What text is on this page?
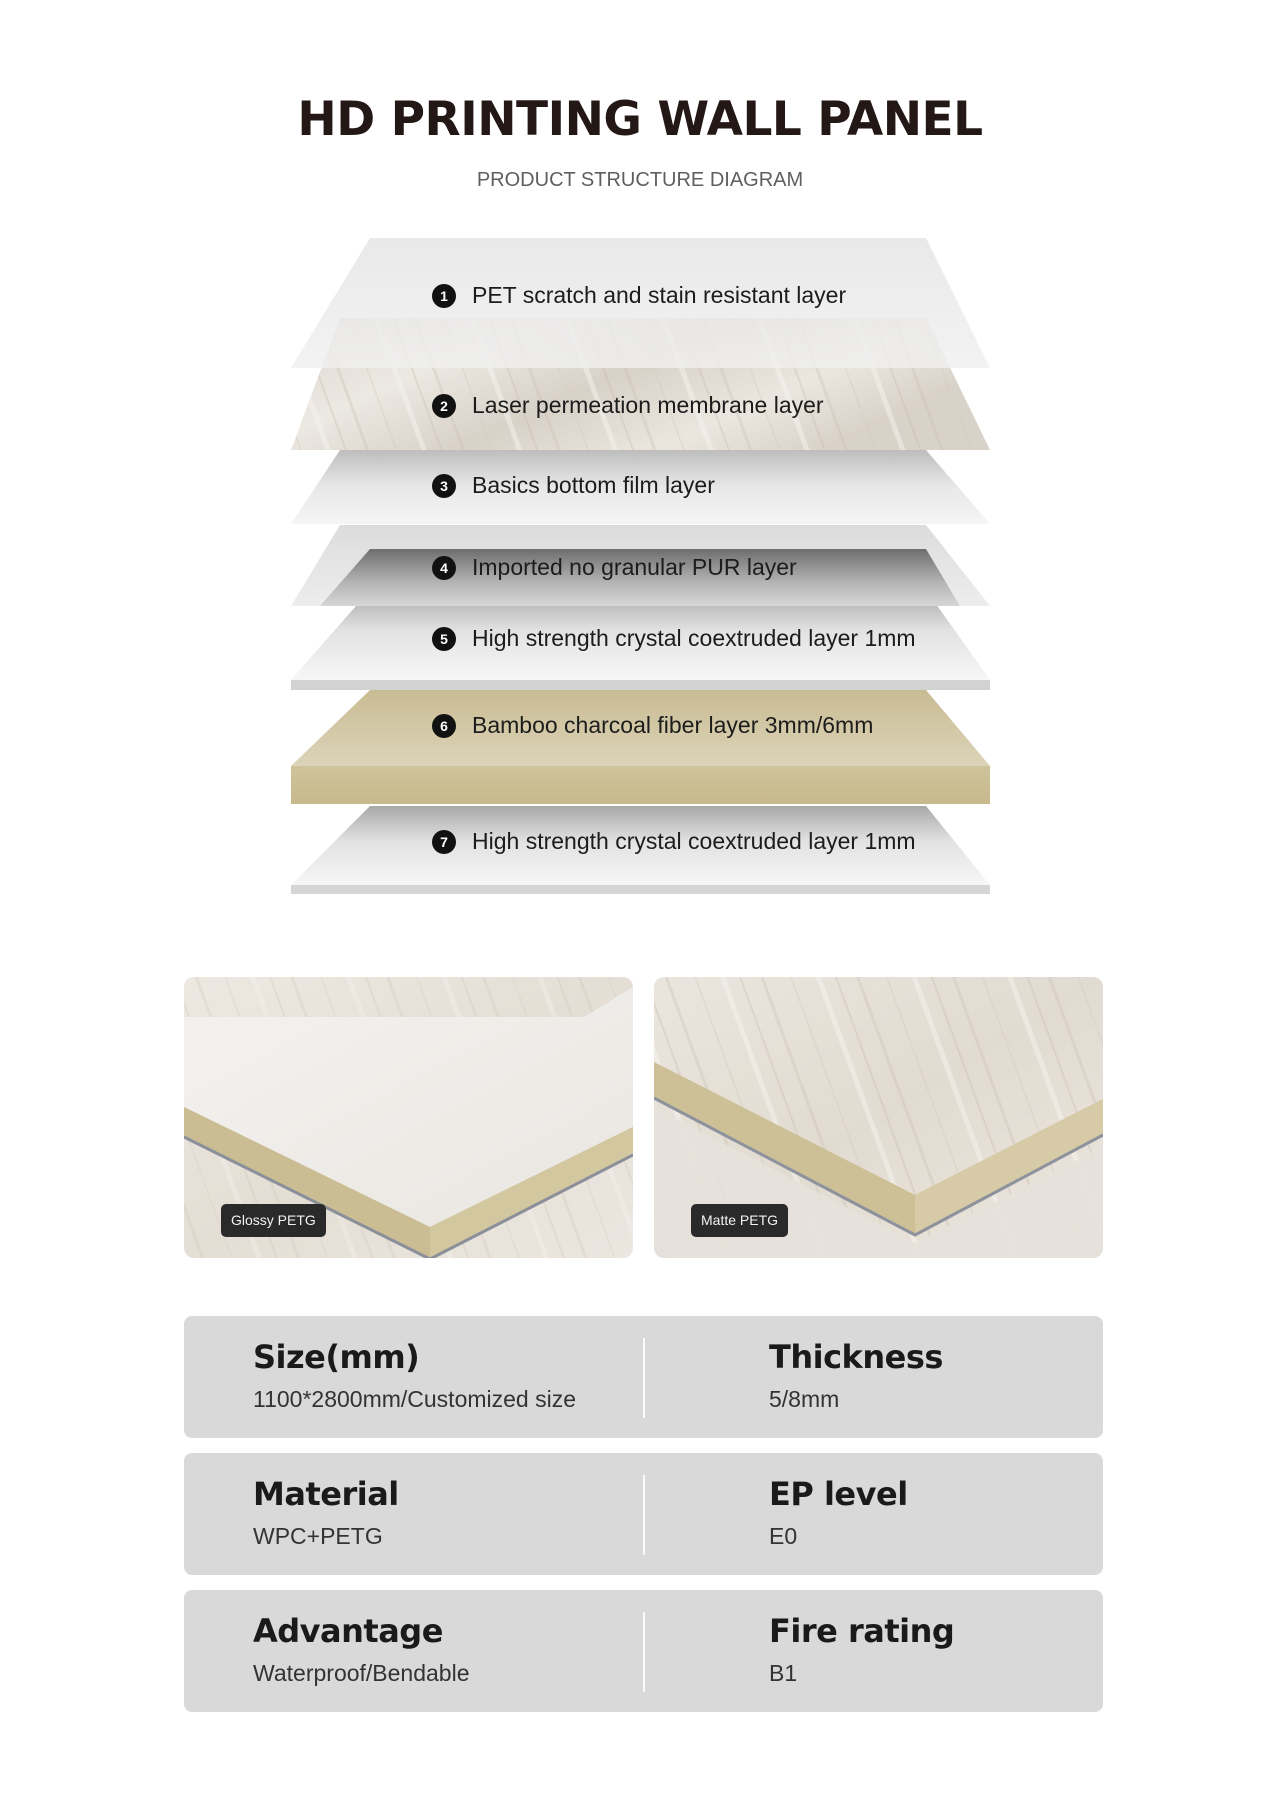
HD PRINTING WALL PANEL
PRODUCT STRUCTURE DIAGRAM
1	PET scratch and stain resistant layer
2	Laser permeation membrane layer
3	Basics bottom film layer
4	Imported no granular PUR layer
5	High strength crystal coextruded layer 1mm
6	Bamboo charcoal fiber layer 3mm/6mm
7	High strength crystal coextruded layer 1mm
Glossy PETG	Matte PETG
Size(mm)
1100*2800mm/Customized size
Thickness
5/8mm
Material
WPC+PETG
EP level
E0
Advantage
Waterproof/Bendable
Fire rating
B1
